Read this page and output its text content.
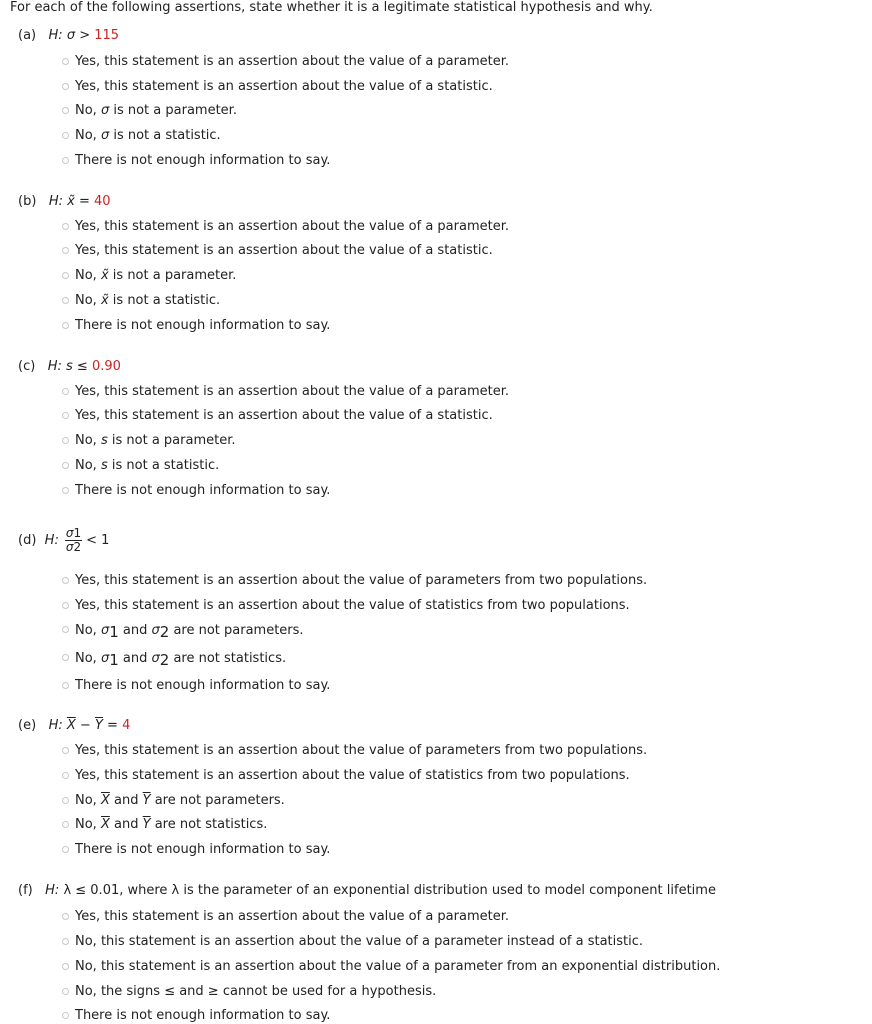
For each of the following assertions, state whether it is a legitimate statistical hypothesis and why.
(a) H: σ > 115
Yes, this statement is an assertion about the value of a parameter.
Yes, this statement is an assertion about the value of a statistic.
No, σ is not a parameter.
No, σ is not a statistic.
There is not enough information to say.
(b) H: x̃ = 40
Yes, this statement is an assertion about the value of a parameter.
Yes, this statement is an assertion about the value of a statistic.
No, x̃ is not a parameter.
No, x̃ is not a statistic.
There is not enough information to say.
(c) H: s ≤ 0.90
Yes, this statement is an assertion about the value of a parameter.
Yes, this statement is an assertion about the value of a statistic.
No, s is not a parameter.
No, s is not a statistic.
There is not enough information to say.
(d)
H: $\frac{\sigma 1}{\sigma 2} < 1$
Yes, this statement is an assertion about the value of parameters from two populations.
Yes, this statement is an assertion about the value of statistics from two populations.
No, σ1 and σ2 are not parameters.
No, σ1 and σ2 are not statistics.
There is not enough information to say.
(e) H: $\overline{X} - \overline{Y} = 4$
Yes, this statement is an assertion about the value of parameters from two populations.
Yes, this statement is an assertion about the value of statistics from two populations.
No, $\overline{X}$ and $\overline{Y}$ are not parameters.
No, $\overline{X}$ and $\overline{Y}$ are not statistics.
There is not enough information to say.
(f) H: λ ≤ 0.01, where λ is the parameter of an exponential distribution used to model component lifetime
Yes, this statement is an assertion about the value of a parameter.
No, this statement is an assertion about the value of a parameter instead of a statistic.
No, this statement is an assertion about the value of a parameter from an exponential distribution.
No, the signs ≤ and ≥ cannot be used for a hypothesis.
There is not enough information to say.
